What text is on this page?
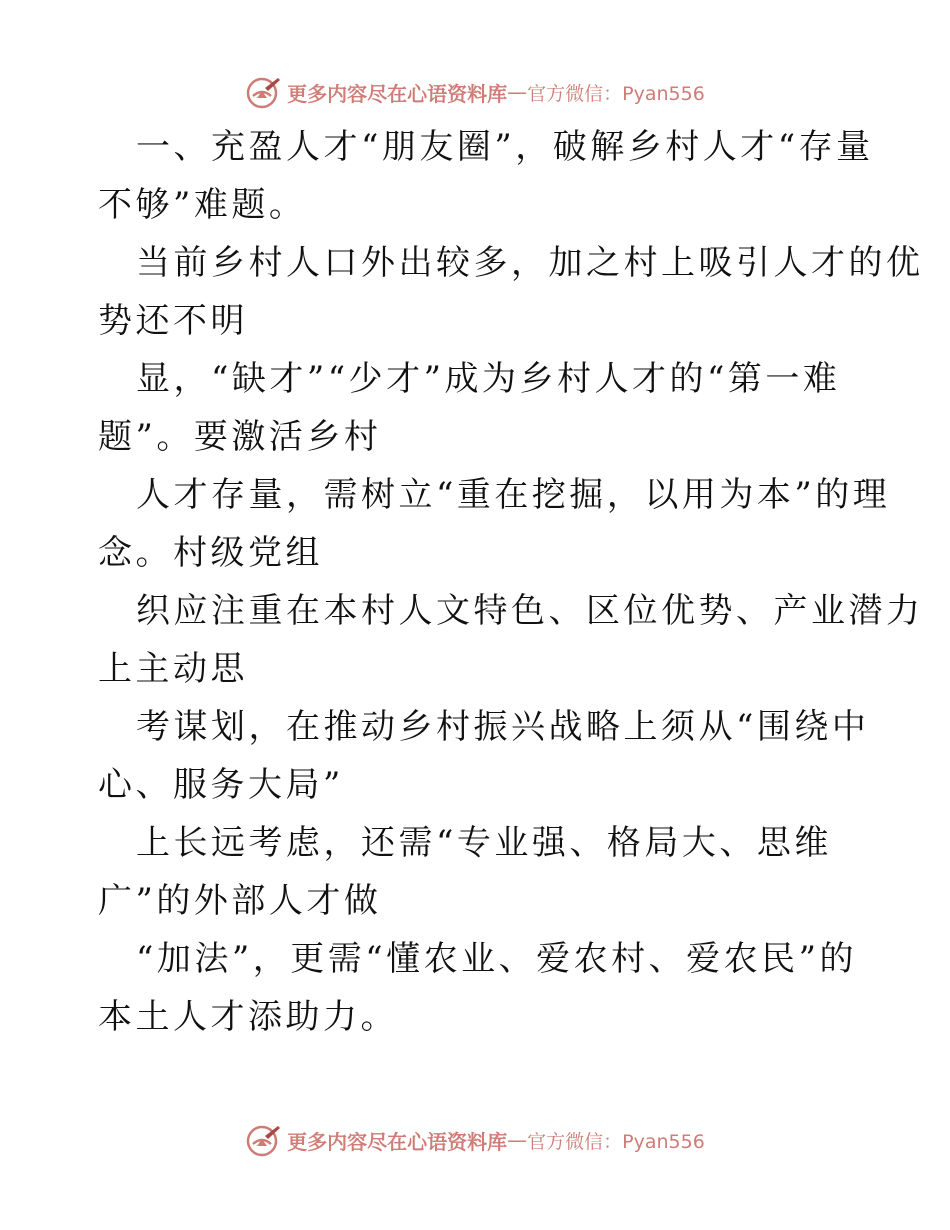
更多内容尽在心语资料库 — 官方微信：Pyan556
一、充盈人才“朋友圈”，破解乡村人才“存量
不够”难题。
当前乡村人口外出较多，加之村上吸引人才的优
势还不明
显，“缺才”“少才”成为乡村人才的“第一难
题”。要激活乡村
人才存量，需树立“重在挖掘，以用为本”的理
念。村级党组
织应注重在本村人文特色、区位优势、产业潜力
上主动思
考谋划，在推动乡村振兴战略上须从“围绕中
心、服务大局”
上长远考虑，还需“专业强、格局大、思维
广”的外部人才做
“加法”，更需“懂农业、爱农村、爱农民”的
本土人才添助力。
更多内容尽在心语资料库 — 官方微信：Pyan556
